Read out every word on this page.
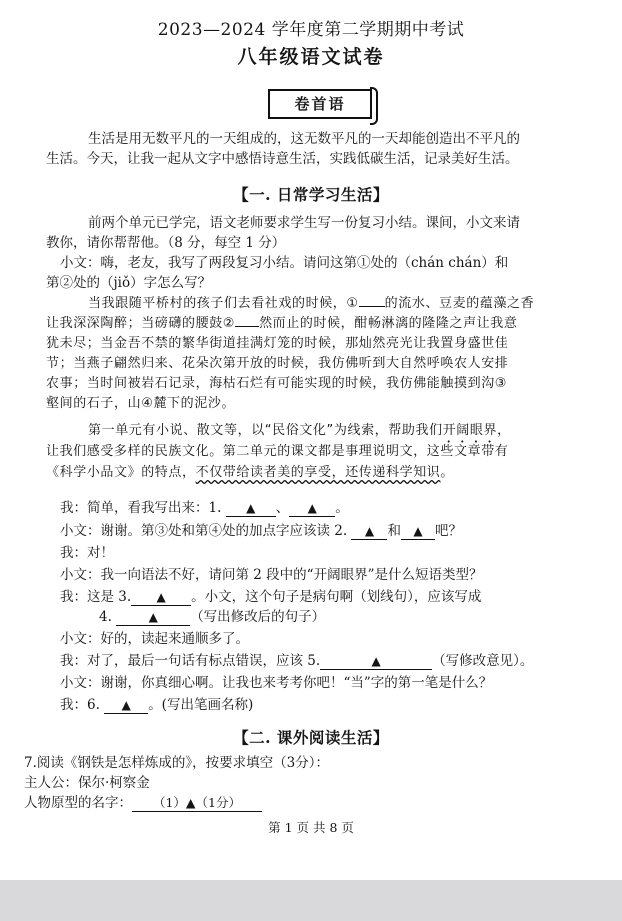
2023—2024 学年度第二学期期中考试
八年级语文试卷
卷首语
生活是用无数平凡的一天组成的，这无数平凡的一天却能创造出不平凡的
生活。今天，让我一起从文字中感悟诗意生活，实践低碳生活，记录美好生活。
【一. 日常学习生活】
前两个单元已学完，语文老师要求学生写一份复习小结。课间，小文来请
教你，请你帮帮他。（8 分，每空 1 分）
小文：嗨，老友，我写了两段复习小结。请问这第①处的（chán chán）和
第②处的（jiǒ）字怎么写？
当我跟随平桥村的孩子们去看社戏的时候，① 的流水、豆麦的蕴藻之香
让我深深陶醉；当磅礴的腰鼓② 然而止的时候，酣畅淋漓的隆隆之声让我意
犹未尽；当金吾不禁的繁华街道挂满灯笼的时候，那灿然亮光让我置身盛世佳
节；当燕子翩然归来、花朵次第开放的时候，我仿佛听到大自然呼唤农人安排
农事；当时间被岩石记录，海枯石烂有可能实现的时候，我仿佛能触摸到沟③
壑间的石子，山④麓下的泥沙。
第一单元有小说、散文等，以“民俗文化”为线索，帮助我们开阔眼界，
让我们感受多样的民族文化。第二单元的课文都是事理说明文，这些文章带有
《科学小品文》的特点，不仅带给读者美的享受，还传递科学知识。
我：简单，看我写出来：1. ▲ 、 ▲ 。
小文：谢谢。第③处和第④处的加点字应该读 2. ▲ 和 ▲ 吧？
我：对！
小文：我一向语法不好，请问第 2 段中的“开阔眼界”是什么短语类型？
我：这是 3. ▲ 。小文，这个句子是病句啊（划线句），应该写成
4.	▲ （写出修改后的句子）
小文：好的，读起来通顺多了。
我：对了，最后一句话有标点错误，应该 5.	▲	（写修改意见）。
小文：谢谢，你真细心啊。让我也来考考你吧！“当”字的第一笔是什么？
我：6. ▲ 。(写出笔画名称)
【二. 课外阅读生活】
7.阅读《钢铁是怎样炼成的》，按要求填空（3分）：
主人公：保尔·柯察金
人物原型的名字： （1）▲（1分）
第 1 页 共 8 页
